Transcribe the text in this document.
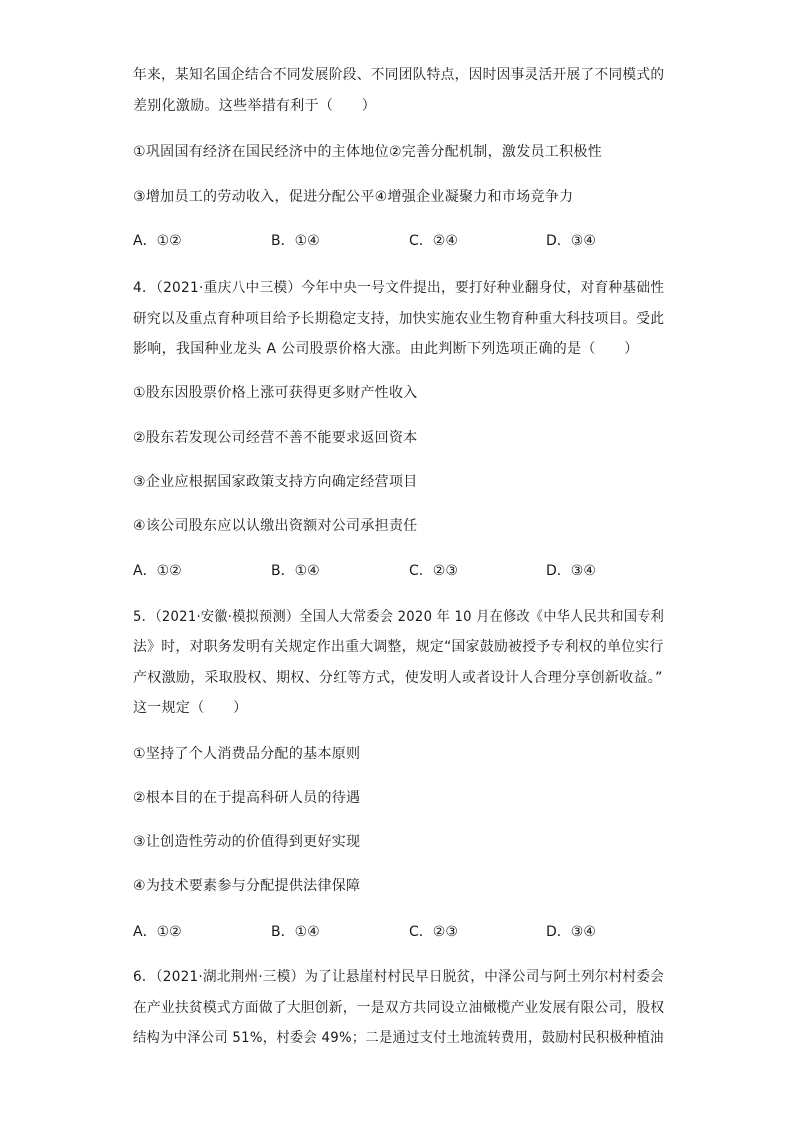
年来，某知名国企结合不同发展阶段、不同团队特点，因时因事灵活开展了不同模式的
差别化激励。这些举措有利于（　　）
①巩固国有经济在国民经济中的主体地位②完善分配机制，激发员工积极性
③增加员工的劳动收入，促进分配公平④增强企业凝聚力和市场竞争力
A．①②	B．①④	C．②④	D．③④
4．（2021·重庆八中三模）今年中央一号文件提出，要打好种业翻身仗，对育种基础性
研究以及重点育种项目给予长期稳定支持，加快实施农业生物育种重大科技项目。受此
影响，我国种业龙头 A 公司股票价格大涨。由此判断下列选项正确的是（　　）
①股东因股票价格上涨可获得更多财产性收入
②股东若发现公司经营不善不能要求返回资本
③企业应根据国家政策支持方向确定经营项目
④该公司股东应以认缴出资额对公司承担责任
A．①②	B．①④	C．②③	D．③④
5．（2021·安徽·模拟预测）全国人大常委会 2020 年 10 月在修改《中华人民共和国专利
法》时，对职务发明有关规定作出重大调整，规定“国家鼓励被授予专利权的单位实行
产权激励，采取股权、期权、分红等方式，使发明人或者设计人合理分享创新收益。”
这一规定（　　）
①坚持了个人消费品分配的基本原则
②根本目的在于提高科研人员的待遇
③让创造性劳动的价值得到更好实现
④为技术要素参与分配提供法律保障
A．①②	B．①④	C．②③	D．③④
6．（2021·湖北荆州·三模）为了让悬崖村村民早日脱贫，中泽公司与阿土列尔村村委会
在产业扶贫模式方面做了大胆创新，一是双方共同设立油橄榄产业发展有限公司，股权
结构为中泽公司 51%，村委会 49%；二是通过支付土地流转费用，鼓励村民积极种植油
